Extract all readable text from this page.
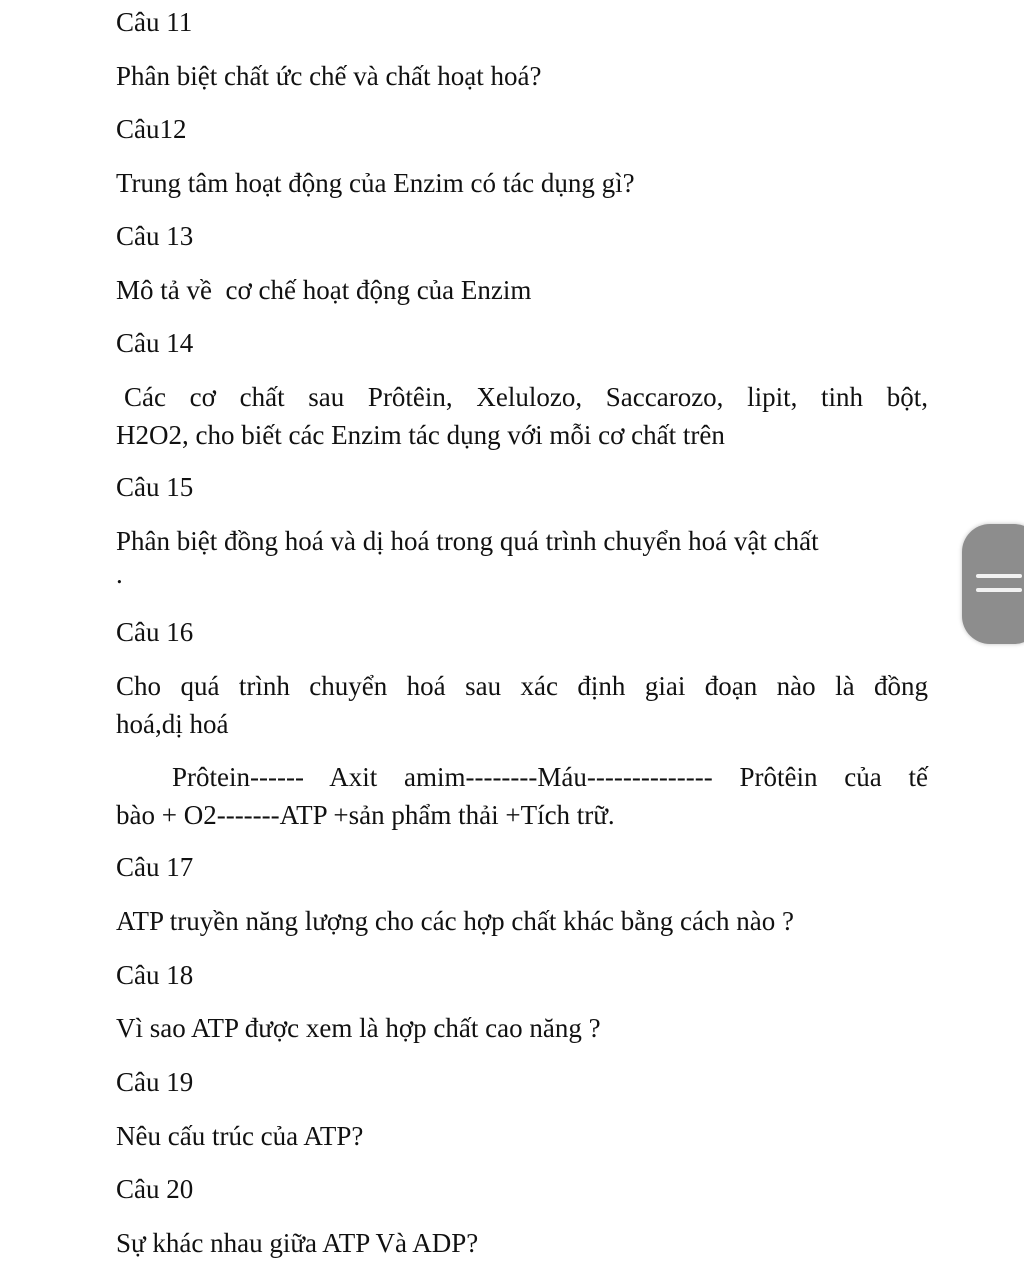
Câu 11
Phân biệt chất ức chế và chất hoạt hoá?
Câu12
Trung tâm hoạt động của Enzim có tác dụng gì?
Câu 13
Mô tả về  cơ chế hoạt động của Enzim
Câu 14
Các cơ chất sau Prôtêin, Xelulozo, Saccarozo, lipit, tinh bột,
H2O2, cho biết các Enzim tác dụng với mỗi cơ chất trên
Câu 15
Phân biệt đồng hoá và dị hoá trong quá trình chuyển hoá vật chất
.
Câu 16
Cho quá trình chuyển hoá sau xác định giai đoạn nào là đồng
hoá,dị hoá
Prôtein------ Axit amim--------Máu-------------- Prôtêin của tế
bào + O2-------ATP +sản phẩm thải +Tích trữ.
Câu 17
ATP truyền năng lượng cho các hợp chất khác bằng cách nào ?
Câu 18
Vì sao ATP được xem là hợp chất cao năng ?
Câu 19
Nêu cấu trúc của ATP?
Câu 20
Sự khác nhau giữa ATP Và ADP?
